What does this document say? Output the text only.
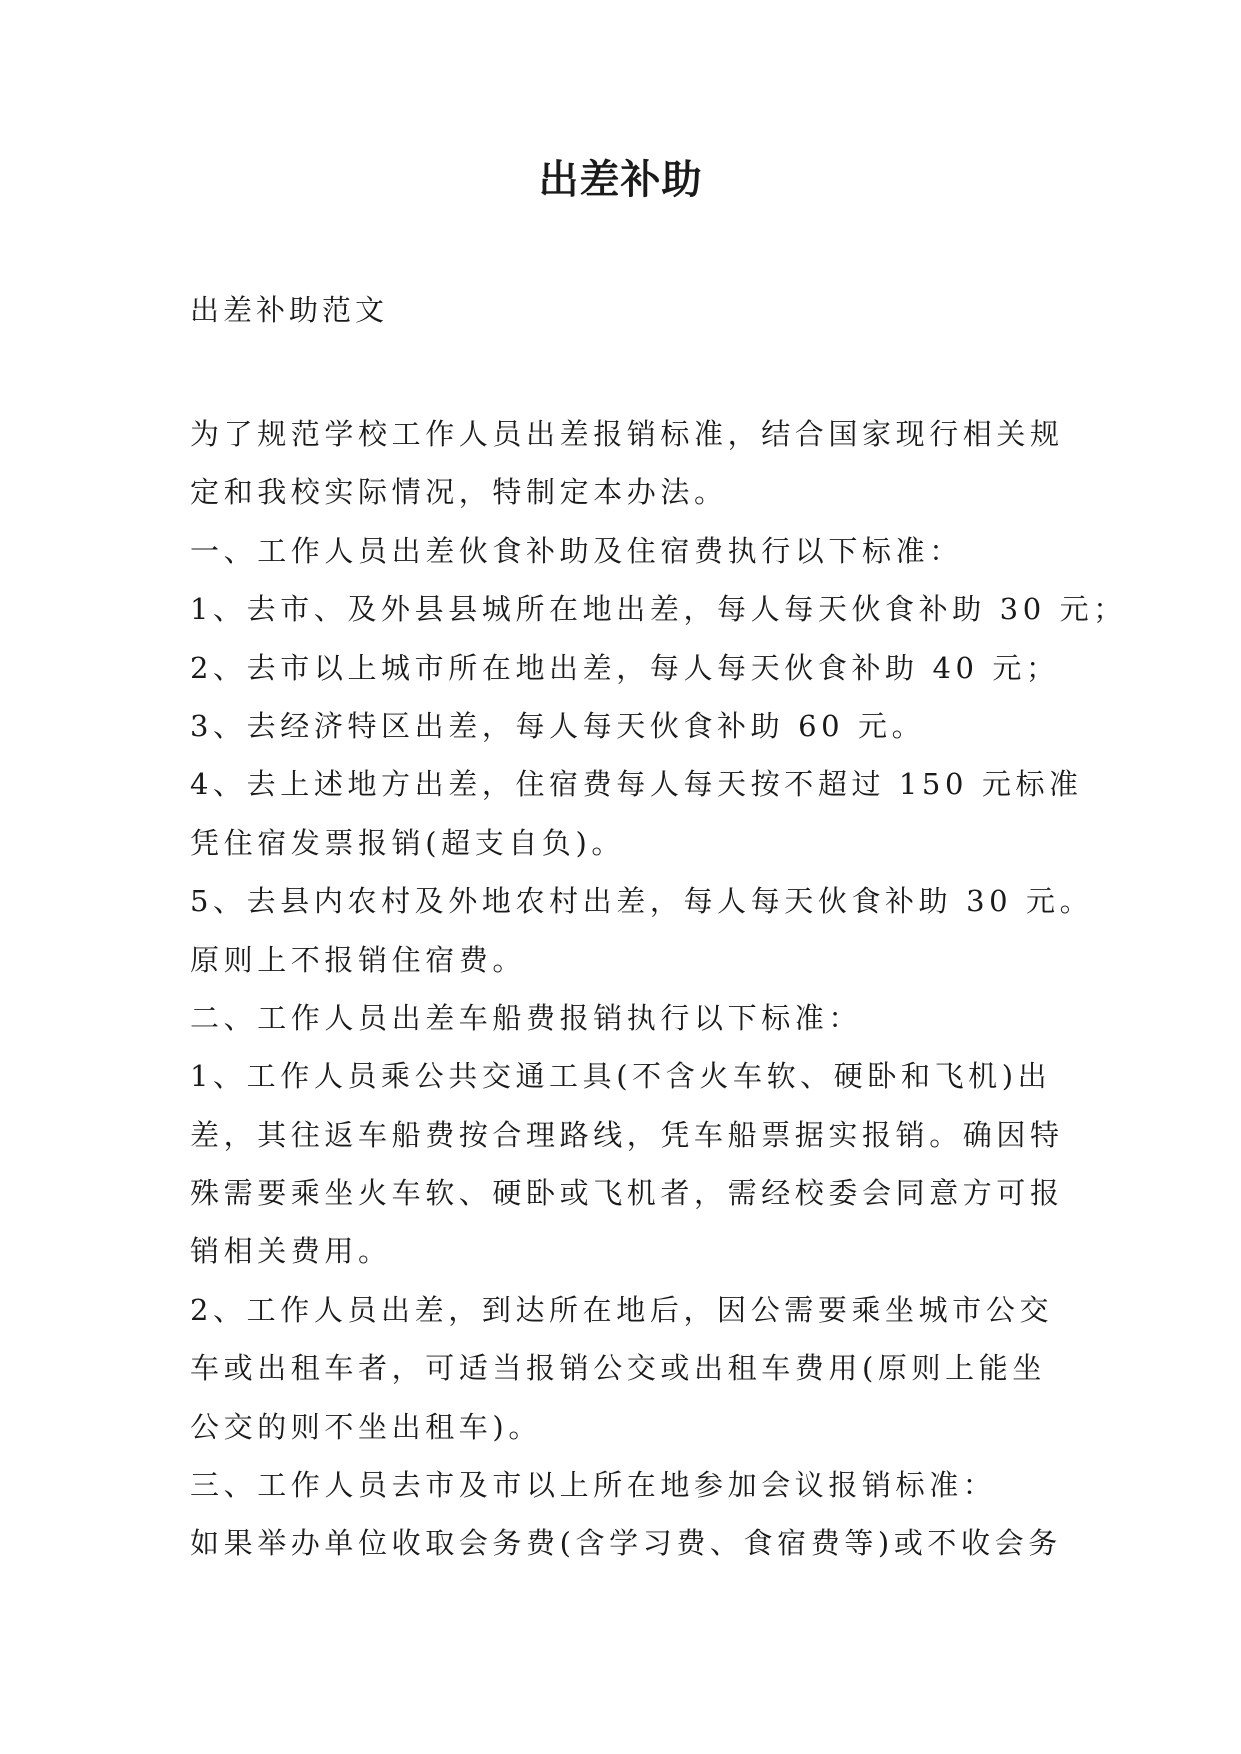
出差补助

出差补助范文

为了规范学校工作人员出差报销标准，结合国家现行相关规
定和我校实际情况，特制定本办法。
一、工作人员出差伙食补助及住宿费执行以下标准：
1、去市、及外县县城所在地出差，每人每天伙食补助 30 元；
2、去市以上城市所在地出差，每人每天伙食补助 40 元；
3、去经济特区出差，每人每天伙食补助 60 元。
4、去上述地方出差，住宿费每人每天按不超过 150 元标准
凭住宿发票报销(超支自负)。
5、去县内农村及外地农村出差，每人每天伙食补助 30 元。
原则上不报销住宿费。
二、工作人员出差车船费报销执行以下标准：
1、工作人员乘公共交通工具(不含火车软、硬卧和飞机)出
差，其往返车船费按合理路线，凭车船票据实报销。确因特
殊需要乘坐火车软、硬卧或飞机者，需经校委会同意方可报
销相关费用。
2、工作人员出差，到达所在地后，因公需要乘坐城市公交
车或出租车者，可适当报销公交或出租车费用(原则上能坐
公交的则不坐出租车)。
三、工作人员去市及市以上所在地参加会议报销标准：
如果举办单位收取会务费(含学习费、食宿费等)或不收会务
